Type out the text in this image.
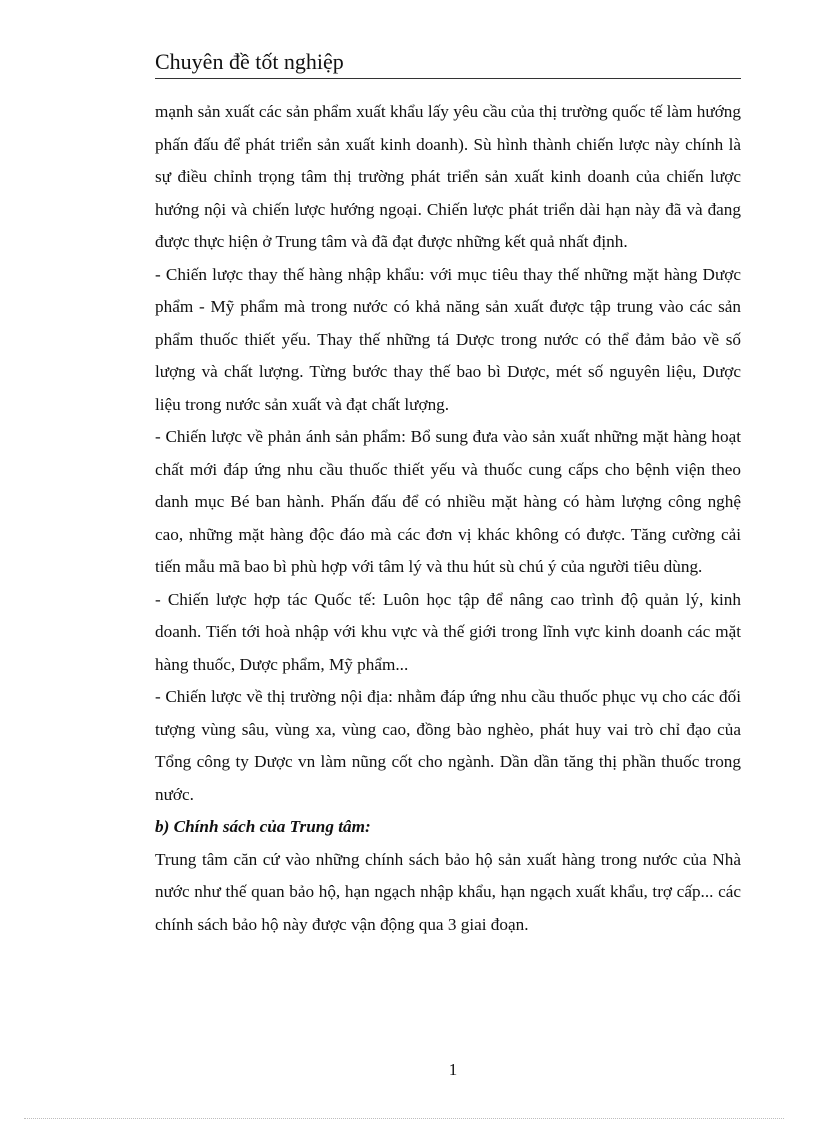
Chuyên đề tốt nghiệp

mạnh sản xuất các sản phẩm xuất khẩu lấy yêu cầu của thị trường quốc tế làm hướng phấn đấu để phát triển sản xuất kinh doanh). Sù hình thành chiến lược này chính là sự điều chỉnh trọng tâm thị trường phát triển sản xuất kinh doanh của chiến lược hướng nội và chiến lược hướng ngoại. Chiến lược phát triển dài hạn này đã và đang được thực hiện ở Trung tâm và đã đạt được những kết quả nhất định.

- Chiến lược thay thế hàng nhập khẩu: với mục tiêu thay thế những mặt hàng Dược phẩm - Mỹ phẩm mà trong nước có khả năng sản xuất được tập trung vào các sản phẩm thuốc thiết yếu. Thay thế những tá Dược trong nước có thể đảm bảo về số lượng và chất lượng. Từng bước thay thế bao bì Dược, mét số nguyên liệu, Dược liệu trong nước sản xuất và đạt chất lượng.

- Chiến lược về phản ánh sản phẩm: Bổ sung đưa vào sản xuất những mặt hàng hoạt chất mới đáp ứng nhu cầu thuốc thiết yếu và thuốc cung cấps cho bệnh viện theo danh mục Bé ban hành. Phấn đấu để có nhiều mặt hàng có hàm lượng công nghệ cao, những mặt hàng độc đáo mà các đơn vị khác không có được. Tăng cường cải tiến mẫu mã bao bì phù hợp với tâm lý và thu hút sù chú ý của người tiêu dùng.

- Chiến lược hợp tác Quốc tế: Luôn học tập để nâng cao trình độ quản lý, kinh doanh. Tiến tới hoà nhập với khu vực và thế giới trong lĩnh vực kinh doanh các mặt hàng thuốc, Dược phẩm, Mỹ phẩm...

- Chiến lược về thị trường nội địa: nhằm đáp ứng nhu cầu thuốc phục vụ cho các đối tượng vùng sâu, vùng xa, vùng cao, đồng bào nghèo, phát huy vai trò chỉ đạo của Tổng công ty Dược vn làm nũng cốt cho ngành. Dần dần tăng thị phần thuốc trong nước.

b) Chính sách của Trung tâm:

Trung tâm căn cứ vào những chính sách bảo hộ sản xuất hàng trong nước của Nhà nước như thế quan bảo hộ, hạn ngạch nhập khẩu, hạn ngạch xuất khẩu, trợ cấp... các chính sách bảo hộ này được vận động qua 3 giai đoạn.

1
